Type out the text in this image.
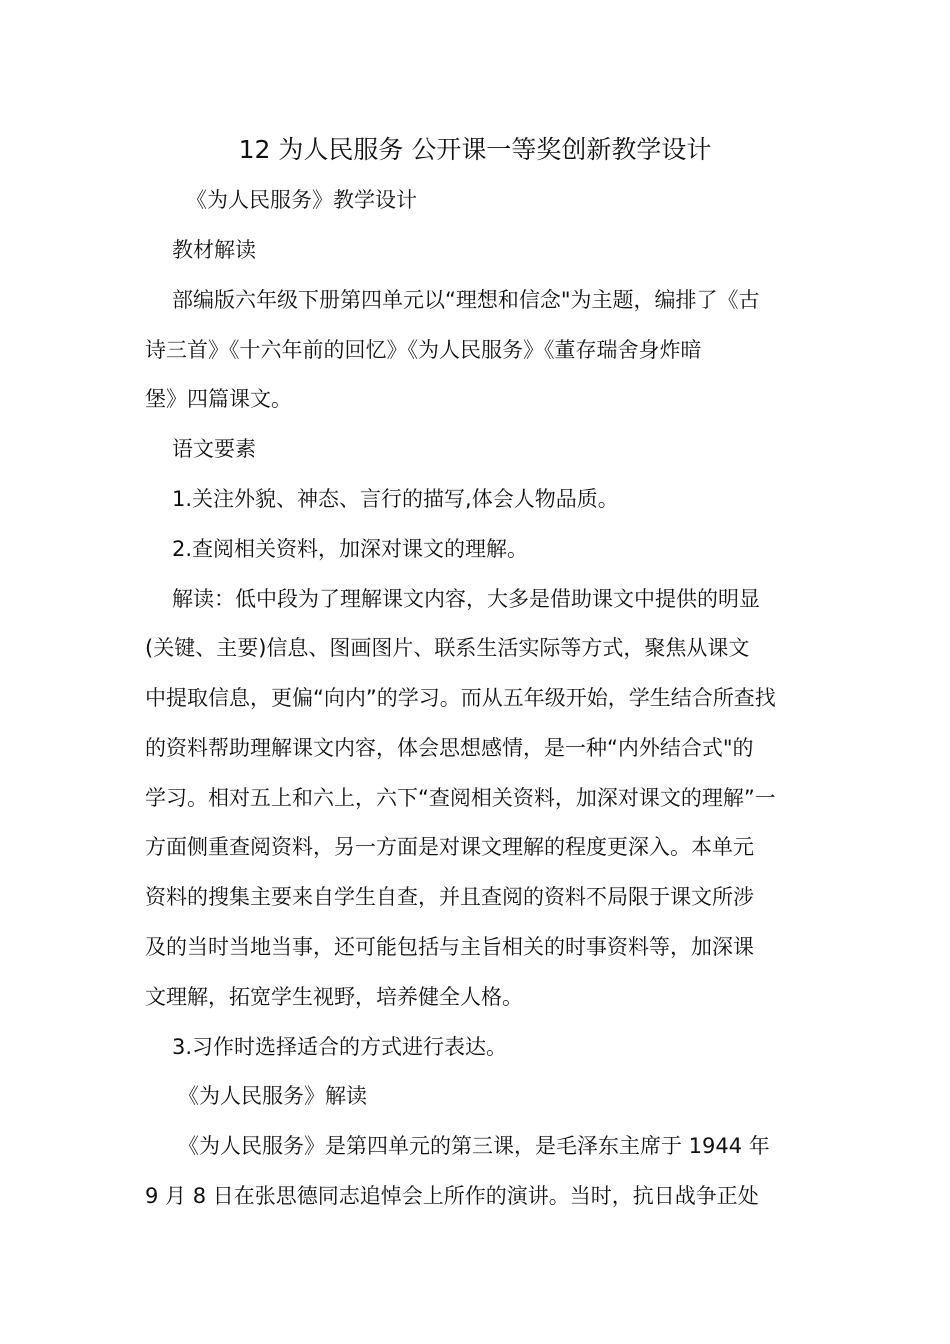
12 为人民服务 公开课一等奖创新教学设计
《为人民服务》教学设计
教材解读
部编版六年级下册第四单元以“理想和信念"为主题，编排了《古
诗三首》《十六年前的回忆》《为人民服务》《董存瑞舍身炸暗
堡》四篇课文。
语文要素
1.关注外貌、神态、言行的描写,体会人物品质。
2.查阅相关资料，加深对课文的理解。
解读：低中段为了理解课文内容，大多是借助课文中提供的明显
(关键、主要)信息、图画图片、联系生活实际等方式，聚焦从课文
中提取信息，更偏“向内”的学习。而从五年级开始，学生结合所查找
的资料帮助理解课文内容，体会思想感情，是一种“内外结合式"的
学习。相对五上和六上，六下“查阅相关资料，加深对课文的理解”一
方面侧重查阅资料，另一方面是对课文理解的程度更深入。本单元
资料的搜集主要来自学生自查，并且查阅的资料不局限于课文所涉
及的当时当地当事，还可能包括与主旨相关的时事资料等，加深课
文理解，拓宽学生视野，培养健全人格。
3.习作时选择适合的方式进行表达。
《为人民服务》解读
《为人民服务》是第四单元的第三课，是毛泽东主席于 1944 年
9 月 8 日在张思德同志追悼会上所作的演讲。当时，抗日战争正处
